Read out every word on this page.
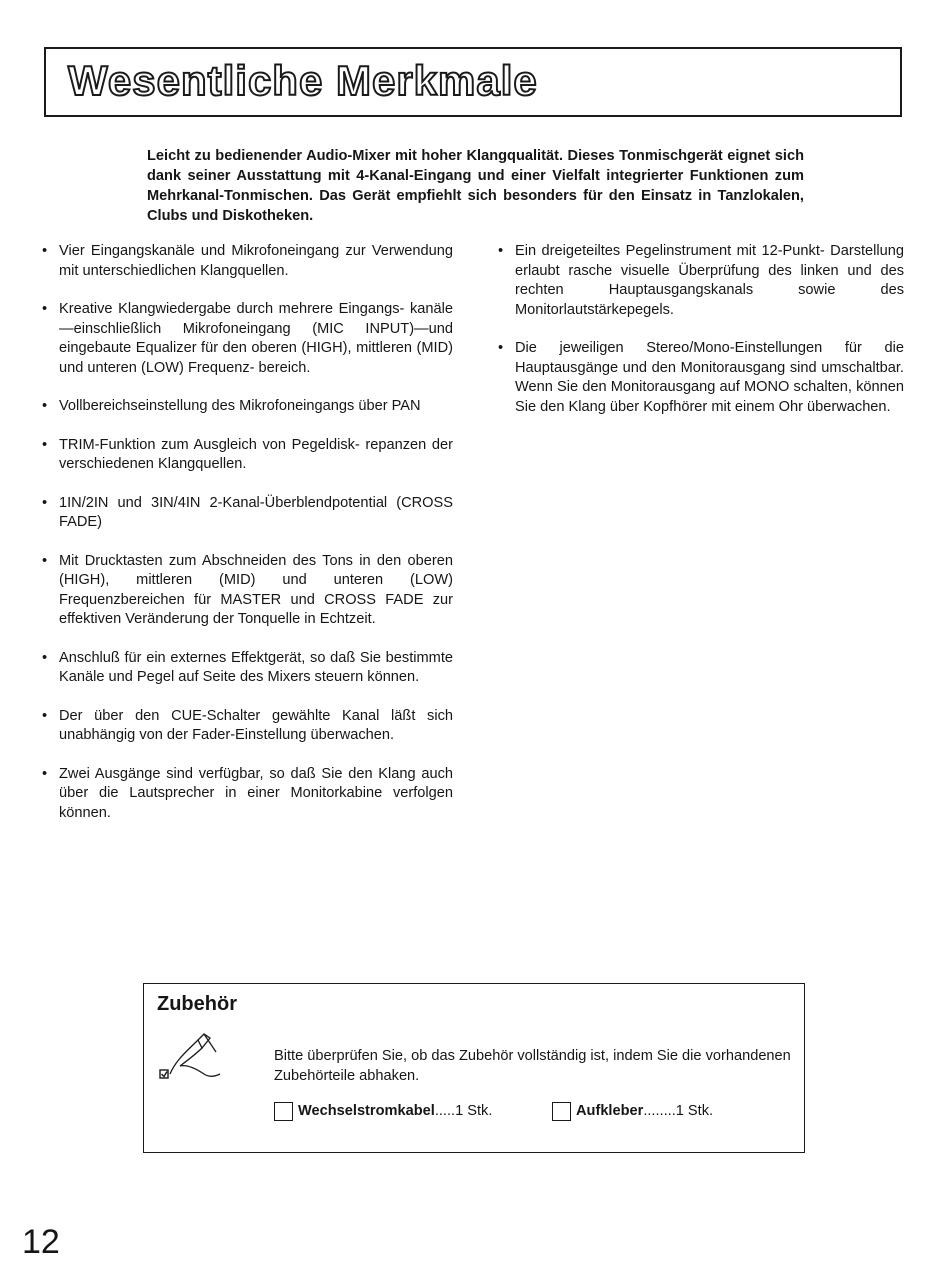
Wesentliche Merkmale

Leicht zu bedienender Audio-Mixer mit hoher Klangqualität. Dieses Tonmischgerät eignet sich dank seiner Ausstattung mit 4-Kanal-Eingang und einer Vielfalt integrierter Funktionen zum Mehrkanal-Tonmischen. Das Gerät empfiehlt sich besonders für den Einsatz in Tanzlokalen, Clubs und Diskotheken.

• Vier Eingangskanäle und Mikrofoneingang zur Verwendung mit unterschiedlichen Klangquellen.
• Kreative Klangwiedergabe durch mehrere Eingangs- kanäle—einschließlich Mikrofoneingang (MIC INPUT)—und eingebaute Equalizer für den oberen (HIGH), mittleren (MID) und unteren (LOW) Frequenz- bereich.
• Vollbereichseinstellung des Mikrofoneingangs über PAN
• TRIM-Funktion zum Ausgleich von Pegeldisk- repanzen der verschiedenen Klangquellen.
• 1IN/2IN und 3IN/4IN 2-Kanal-Überblendpotential (CROSS FADE)
• Mit Drucktasten zum Abschneiden des Tons in den oberen (HIGH), mittleren (MID) und unteren (LOW) Frequenzbereichen für MASTER und CROSS FADE zur effektiven Veränderung der Tonquelle in Echtzeit.
• Anschluß für ein externes Effektgerät, so daß Sie bestimmte Kanäle und Pegel auf Seite des Mixers steuern können.
• Der über den CUE-Schalter gewählte Kanal läßt sich unabhängig von der Fader-Einstellung überwachen.
• Zwei Ausgänge sind verfügbar, so daß Sie den Klang auch über die Lautsprecher in einer Monitorkabine verfolgen können.
• Ein dreigeteiltes Pegelinstrument mit 12-Punkt- Darstellung erlaubt rasche visuelle Überprüfung des linken und des rechten Hauptausgangskanals sowie des Monitorlautstärkepegels.
• Die jeweiligen Stereo/Mono-Einstellungen für die Hauptausgänge und den Monitorausgang sind umschaltbar. Wenn Sie den Monitorausgang auf MONO schalten, können Sie den Klang über Kopfhörer mit einem Ohr überwachen.
Zubehör
Bitte überprüfen Sie, ob das Zubehör vollständig ist, indem Sie die vorhandenen Zubehörteile abhaken.
Wechselstromkabel .....1 Stk.	Aufkleber ........1 Stk.
12
